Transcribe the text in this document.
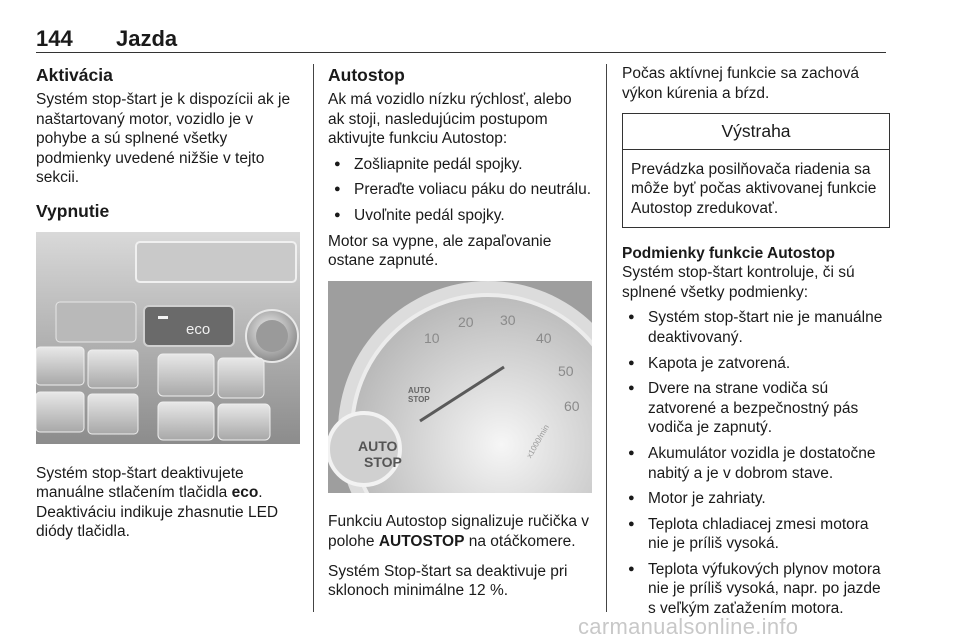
144 Jazda
Aktivácia

Systém stop-štart je k dispozícii ak je naštartovaný motor, vozidlo je v pohybe a sú splnené všetky podmienky uvedené nižšie v tejto sekcii.

Vypnutie
eco

Systém stop-štart deaktivujete manuálne stlačením tlačidla eco.
Deaktiváciu indikuje zhasnutie LED diódy tlačidla.

Autostop

Ak má vozidlo nízku rýchlosť, alebo ak stoji, nasledujúcim postupom aktivujte funkciu Autostop:

● Zošliapnite pedál spojky.
● Preraďte voliacu páku do neutrálu.
● Uvoľnite pedál spojky.

Motor sa vypne, ale zapaľovanie ostane zapnuté.

10
20 30
40
50
60
AUTO
STOP
x1000/min
AUTO
STOP

Funkciu Autostop signalizuje ručička v polohe AUTOSTOP na otáčkomere.

Systém Stop-štart sa deaktivuje pri sklonoch minimálne 12 %.

Počas aktívnej funkcie sa zachová výkon kúrenia a bŕzd.

Výstraha
Prevádzka posilňovača riadenia sa môže byť počas aktivovanej funkcie Autostop zredukovať.
Podmienky funkcie Autostop

Systém stop-štart kontroluje, či sú splnené všetky podmienky:

● Systém stop-štart nie je manuálne deaktivovaný.
● Kapota je zatvorená.
● Dvere na strane vodiča sú zatvorené a bezpečnostný pás vodiča je zapnutý.
● Akumulátor vozidla je dostatočne nabitý a je v dobrom stave.
● Motor je zahriaty.
● Teplota chladiacej zmesi motora nie je príliš vysoká.
● Teplota výfukových plynov motora nie je príliš vysoká, napr. po jazde s veľkým zaťažením motora.
carmanualsonline.info
